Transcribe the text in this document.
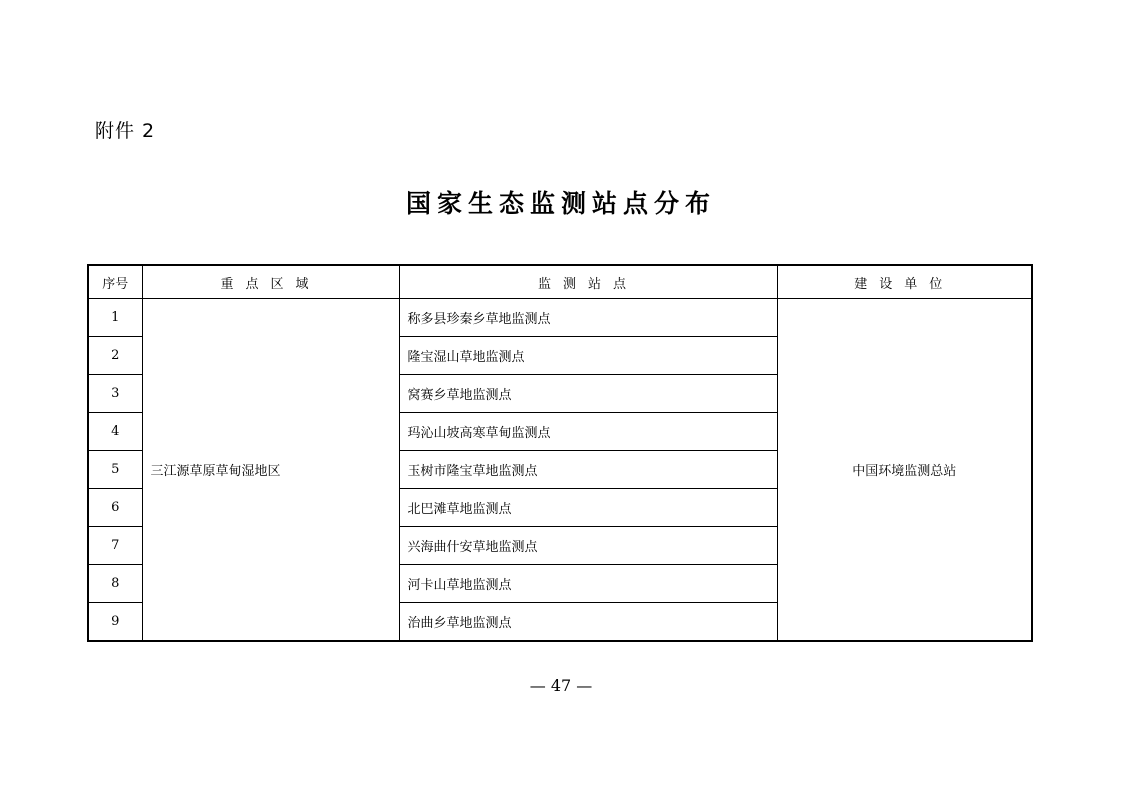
附件 2
国家生态监测站点分布
序号	重点区域	监测站点	建设单位
1	三江源草原草甸湿地区	称多县珍秦乡草地监测点	中国环境监测总站
2		隆宝湿山草地监测点	
3		窝赛乡草地监测点	
4		玛沁山坡高寒草甸监测点	
5		玉树市隆宝草地监测点	
6		北巴滩草地监测点	
7		兴海曲什安草地监测点	
8		河卡山草地监测点	
9		治曲乡草地监测点	
— 47 —
